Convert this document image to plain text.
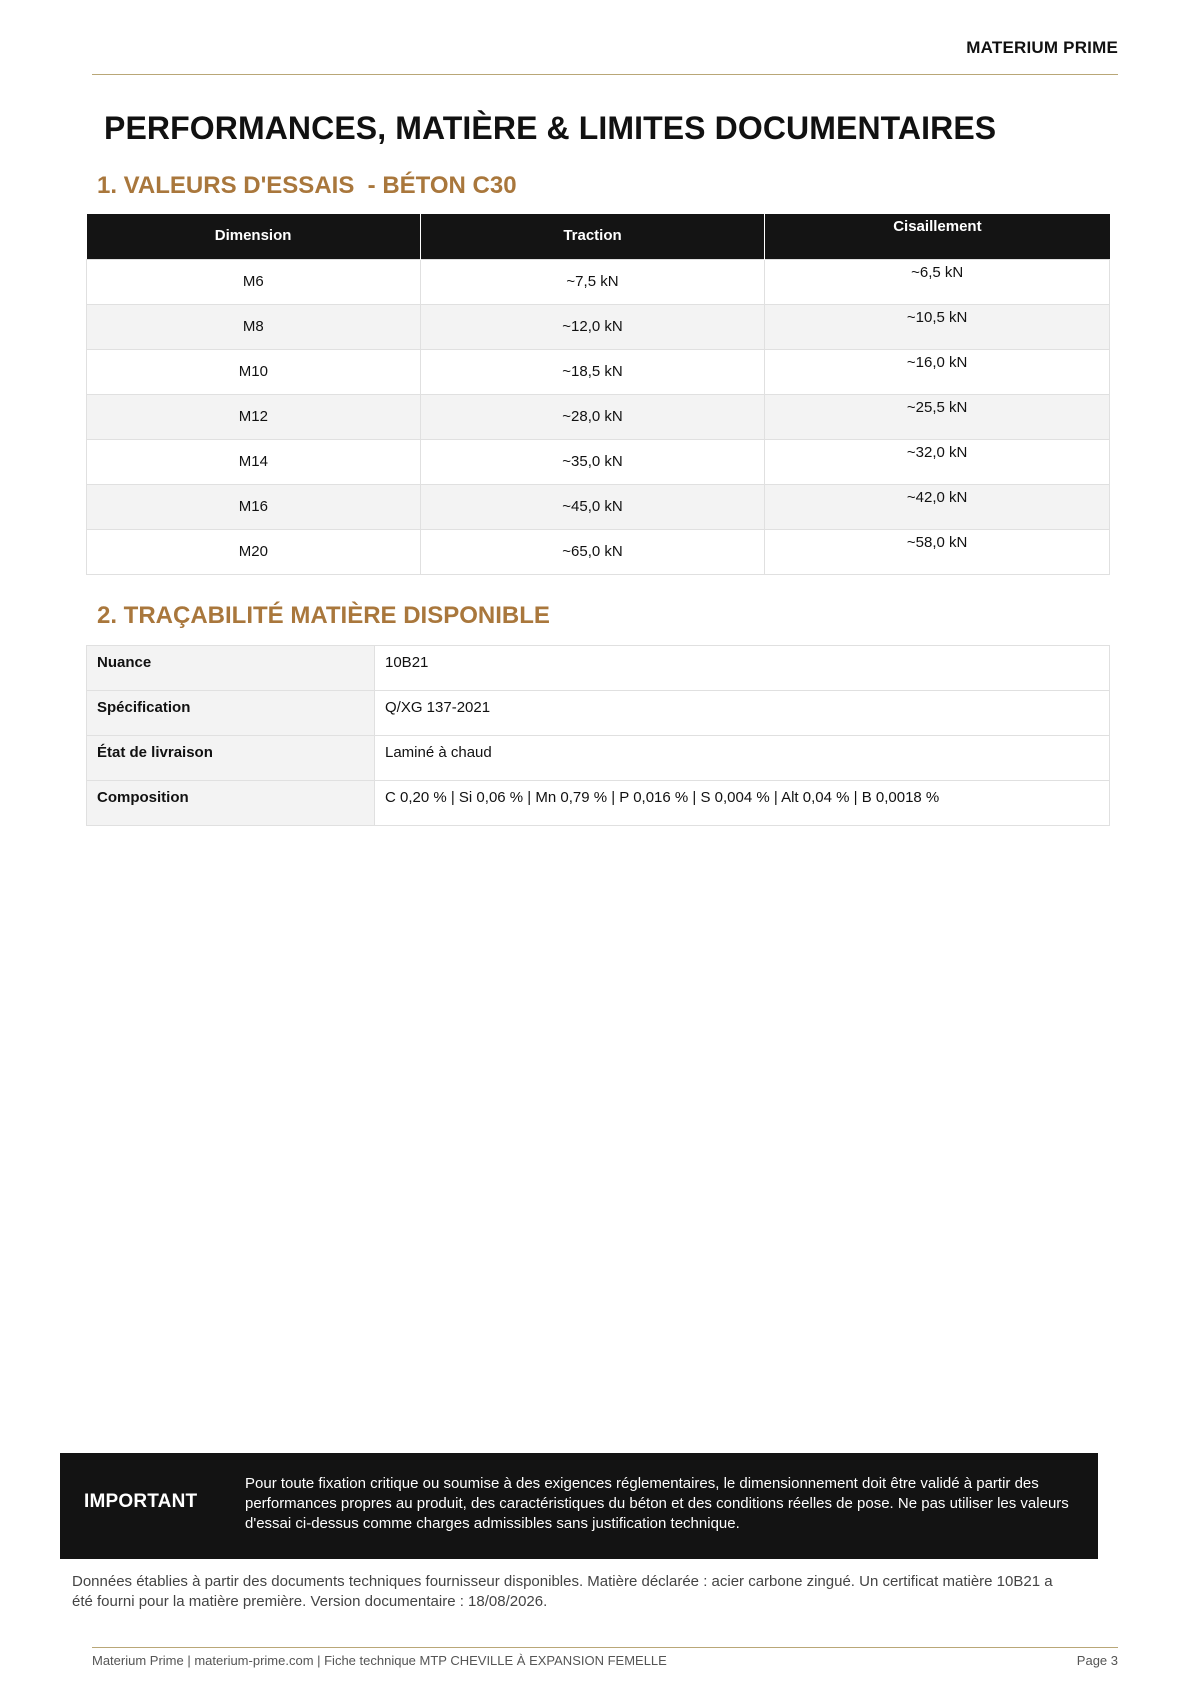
MATERIUM PRIME
PERFORMANCES, MATIÈRE & LIMITES DOCUMENTAIRES
1. VALEURS D'ESSAIS  - BÉTON C30
Dimension	Traction	Cisaillement

M6	~7,5 kN	~6,5 kN
M8	~12,0 kN	~10,5 kN
M10	~18,5 kN	~16,0 kN
M12	~28,0 kN	~25,5 kN
M14	~35,0 kN	~32,0 kN
M16	~45,0 kN	~42,0 kN
M20	~65,0 kN	~58,0 kN
2. TRAÇABILITÉ MATIÈRE DISPONIBLE
Nuance	10B21
Spécification	Q/XG 137-2021
État de livraison	Laminé à chaud
Composition	C 0,20 % | Si 0,06 % | Mn 0,79 % | P 0,016 % | S 0,004 % | Alt 0,04 % | B 0,0018 %
IMPORTANT
Pour toute fixation critique ou soumise à des exigences réglementaires, le dimensionnement doit être validé à partir des performances propres au produit, des caractéristiques du béton et des conditions réelles de pose. Ne pas utiliser les valeurs d'essai ci-dessus comme charges admissibles sans justification technique.

Données établies à partir des documents techniques fournisseur disponibles. Matière déclarée : acier carbone zingué. Un certificat matière 10B21 a été fourni pour la matière première. Version documentaire : 18/08/2026.

Materium Prime | materium-prime.com | Fiche technique MTP CHEVILLE À EXPANSION FEMELLE	Page 3
